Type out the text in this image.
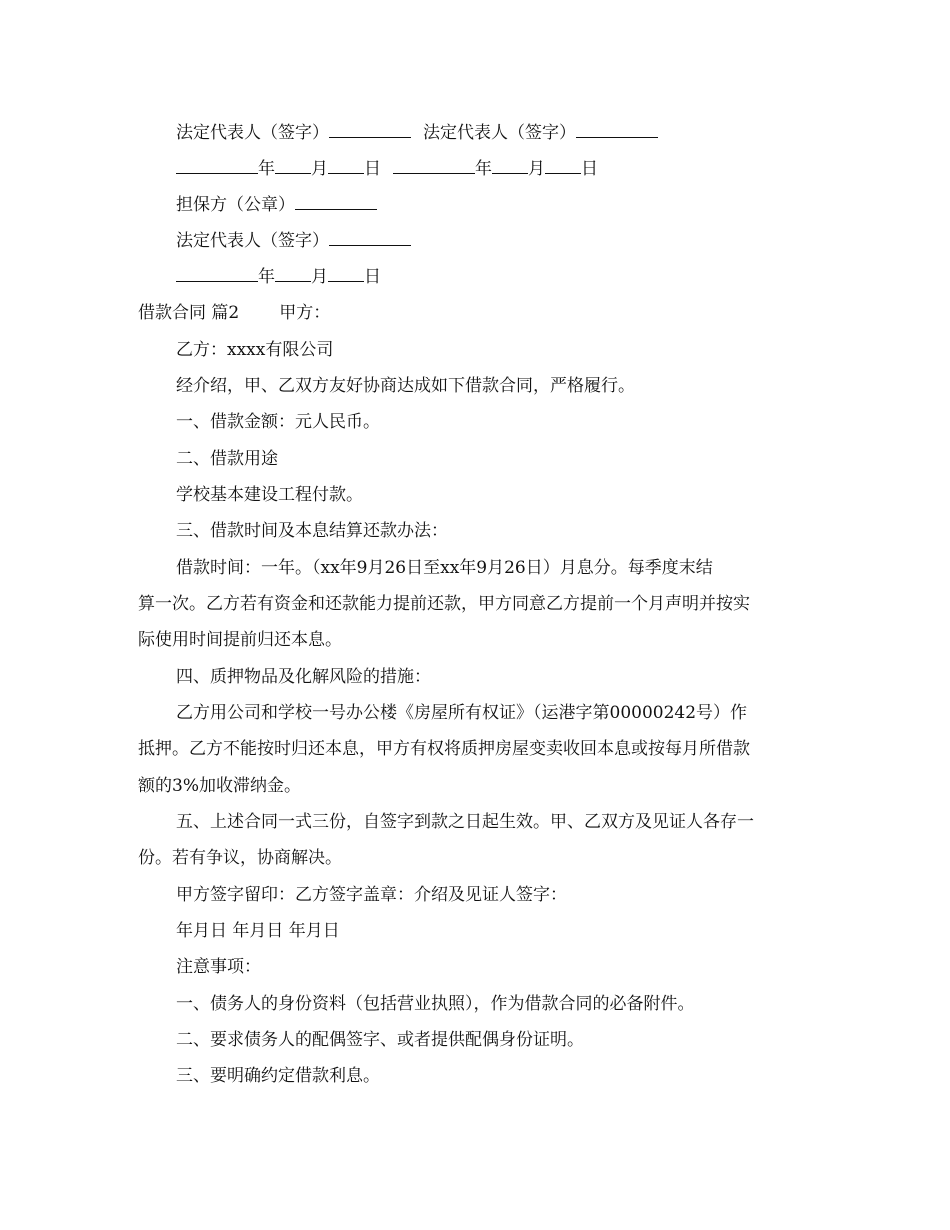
法定代表人（签字）	法定代表人（签字）
年 月 日	年 月 日
担保方（公章）
法定代表人（签字）
年 月 日
借款合同 篇2 甲方：
乙方：xxxx有限公司
经介绍，甲、乙双方友好协商达成如下借款合同，严格履行。
一、借款金额：元人民币。
二、借款用途
学校基本建设工程付款。
三、借款时间及本息结算还款办法：
借款时间：一年。（xx年9月26日至xx年9月26日）月息分。每季度末结
算一次。乙方若有资金和还款能力提前还款，甲方同意乙方提前一个月声明并按实
际使用时间提前归还本息。
四、质押物品及化解风险的措施：
乙方用公司和学校一号办公楼《房屋所有权证》（运港字第00000242号）作
抵押。乙方不能按时归还本息，甲方有权将质押房屋变卖收回本息或按每月所借款
额的3%加收滞纳金。
五、上述合同一式三份，自签字到款之日起生效。甲、乙双方及见证人各存一
份。若有争议，协商解决。
甲方签字留印：乙方签字盖章：介绍及见证人签字：
年月日 年月日 年月日
注意事项：
一、债务人的身份资料（包括营业执照），作为借款合同的必备附件。
二、要求债务人的配偶签字、或者提供配偶身份证明。
三、要明确约定借款利息。
